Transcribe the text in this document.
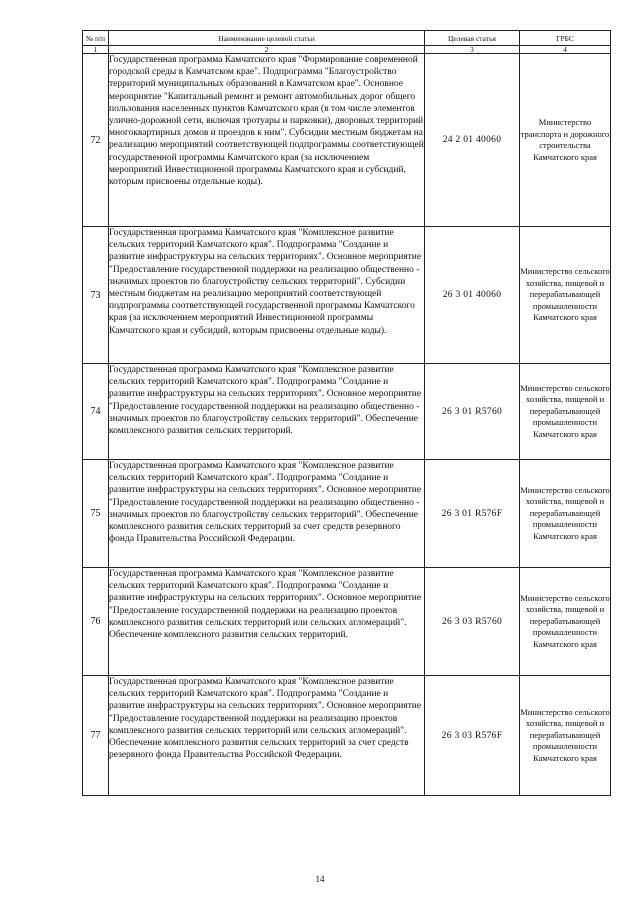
№ п/п	Наименование целевой статьи	Целевая статья	ГРБС
1	2	3	4
72	Государственная программа Камчатского края "Формирование современной городской среды в Камчатском крае". Подпрограмма "Благоустройство территорий муниципальных образований в Камчатском крае". Основное мероприятие "Капитальный ремонт и ремонт автомобильных дорог общего пользования населенных пунктов Камчатского края (в том числе элементов улично-дорожной сети, включая тротуары и парковки), дворовых территорий многоквартирных домов и проездов к ним". Субсидии местным бюджетам на реализацию мероприятий соответствующей подпрограммы соответствующей государственной программы Камчатского края (за исключением мероприятий Инвестиционной программы Камчатского края и субсидий, которым присвоены отдельные коды).	24 2 01 40060	Министерство транспорта и дорожного строительства Камчатского края
73	Государственная программа Камчатского края "Комплексное развитие сельских территорий Камчатского края". Подпрограмма "Создание и развитие инфраструктуры на сельских территориях". Основное мероприятие "Предоставление государственной поддержки на реализацию общественно - значимых проектов по благоустройству сельских территорий". Субсидии местным бюджетам на реализацию мероприятий соответствующей подпрограммы соответствующей государственной программы Камчатского края (за исключением мероприятий Инвестиционной программы Камчатского края и субсидий, которым присвоены отдельные коды).	26 3 01 40060	Министерство сельского хозяйства, пищевой и перерабатывающей промышленности Камчатского края
74	Государственная программа Камчатского края "Комплексное развитие сельских территорий Камчатского края". Подпрограмма "Создание и развитие инфраструктуры на сельских территориях". Основное мероприятие "Предоставление государственной поддержки на реализацию общественно - значимых проектов по благоустройству сельских территорий". Обеспечение комплексного развития сельских территорий.	26 3 01 R5760	Министерство сельского хозяйства, пищевой и перерабатывающей промышленности Камчатского края
75	Государственная программа Камчатского края "Комплексное развитие сельских территорий Камчатского края". Подпрограмма "Создание и развитие инфраструктуры на сельских территориях". Основное мероприятие "Предоставление государственной поддержки на реализацию общественно - значимых проектов по благоустройству сельских территорий". Обеспечение комплексного развития сельских территорий за счет средств резервного фонда Правительства Российской Федерации.	26 3 01 R576F	Министерство сельского хозяйства, пищевой и перерабатывающей промышленности Камчатского края
76	Государственная программа Камчатского края "Комплексное развитие сельских территорий Камчатского края". Подпрограмма "Создание и развитие инфраструктуры на сельских территориях". Основное мероприятие "Предоставление государственной поддержки на реализацию проектов комплексного развития сельских территорий или сельских агломераций". Обеспечение комплексного развития сельских территорий.	26 3 03 R5760	Министерство сельского хозяйства, пищевой и перерабатывающей промышленности Камчатского края
77	Государственная программа Камчатского края "Комплексное развитие сельских территорий Камчатского края". Подпрограмма "Создание и развитие инфраструктуры на сельских территориях". Основное мероприятие "Предоставление государственной поддержки на реализацию проектов комплексного развития сельских территорий или сельских агломераций". Обеспечение комплексного развития сельских территорий за счет средств резервного фонда Правительства Российской Федерации.	26 3 03 R576F	Министерство сельского хозяйства, пищевой и перерабатывающей промышленности Камчатского края
14
